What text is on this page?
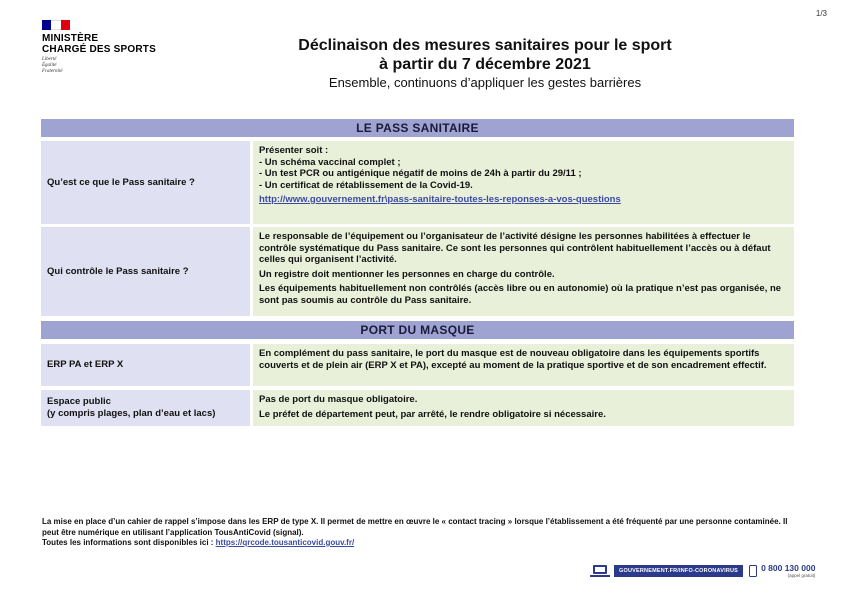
1/3
MINISTÈRE
CHARGÉ DES SPORTS
Liberté
Égalité
Fraternité
Déclinaison des mesures sanitaires pour le sport
à partir du 7 décembre 2021
Ensemble, continuons d’appliquer les gestes barrières
LE PASS SANITAIRE
Qu’est ce que le Pass sanitaire ?
Présenter soit :
- Un schéma vaccinal complet ;
- Un test PCR ou antigénique négatif de moins de 24h à partir du 29/11 ;
- Un certificat de rétablissement de la Covid-19.
http://www.gouvernement.fr\pass-sanitaire-toutes-les-reponses-a-vos-questions
Qui contrôle le Pass sanitaire ?
Le responsable de l’équipement ou l’organisateur de l’activité désigne les personnes habilitées à effectuer le contrôle systématique du Pass sanitaire. Ce sont les personnes qui contrôlent habituellement l’accès ou à défaut celles qui organisent l’activité.
Un registre doit mentionner les personnes en charge du contrôle.
Les équipements habituellement non contrôlés (accès libre ou en autonomie) où la pratique n’est pas organisée, ne sont pas soumis au contrôle du Pass sanitaire.
PORT DU MASQUE
ERP PA et ERP X
En complément du pass sanitaire, le port du masque est de nouveau obligatoire dans les équipements sportifs couverts et de plein air (ERP X et PA), excepté au moment de la pratique sportive et de son encadrement effectif.
Espace public
(y compris plages, plan d’eau et lacs)
Pas de port du masque obligatoire.
Le préfet de département peut, par arrêté, le rendre obligatoire si nécessaire.
La mise en place d’un cahier de rappel s’impose dans les ERP de type X. Il permet de mettre en œuvre le « contact tracing » lorsque l’établissement a été fréquenté par une personne contaminée. Il peut être numérique en utilisant l’application TousAntiCovid (signal).
Toutes les informations sont disponibles ici : https://qrcode.tousanticovid.gouv.fr/
GOUVERNEMENT.FR/INFO-CORONAVIRUS	0 800 130 000
(appel gratuit)
